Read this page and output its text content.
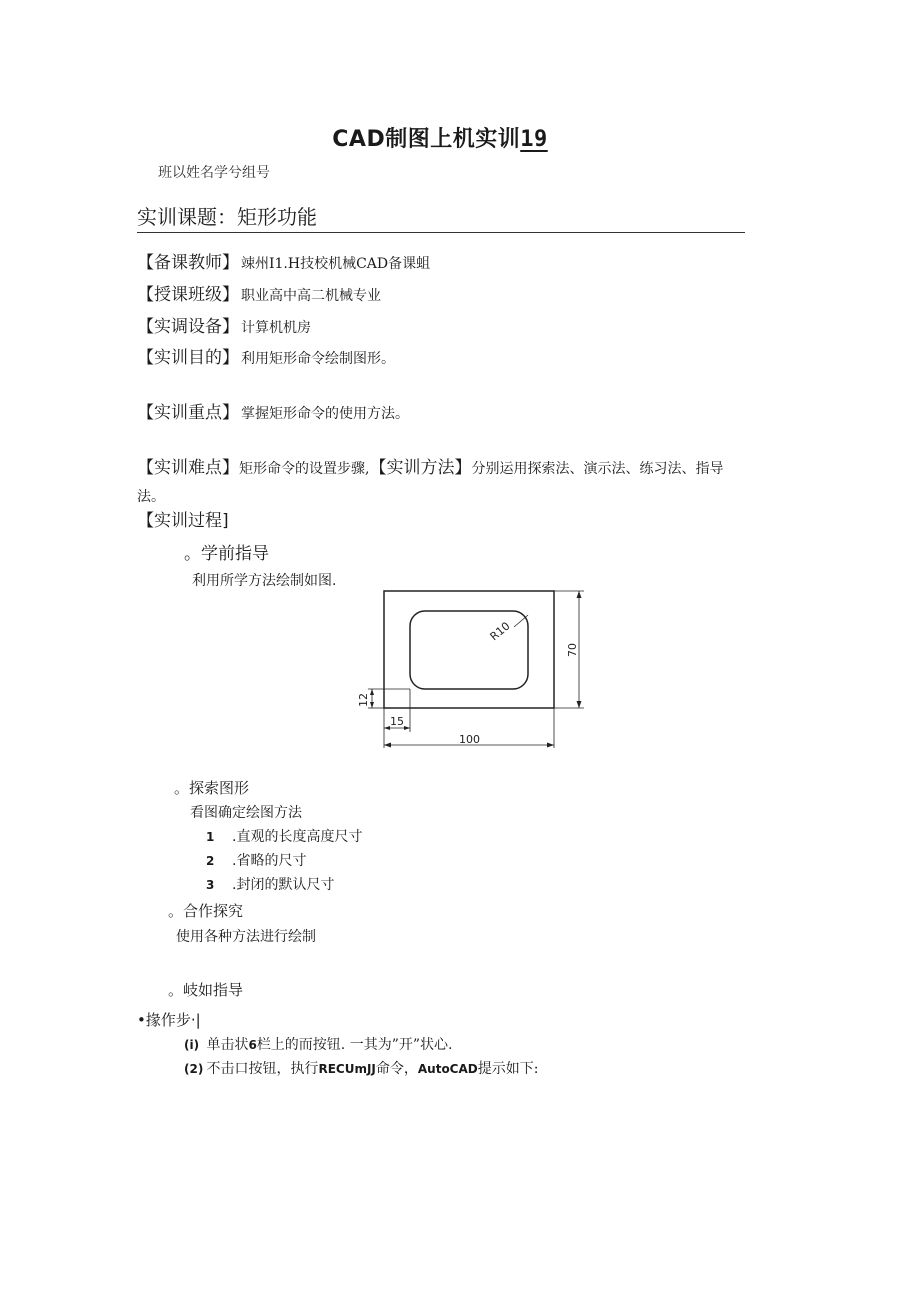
CAD制图上机实训19
班以姓名学兮组号
实训课题：矩形功能
【备课教师】 竦州I1.H技校机械CAD备课蛆
【授课班级】 职业高中高二机械专业
【实调设备】 计算机机房
【实训目的】 利用矩形命令绘制图形。
【实训重点】 掌握矩形命令的使用方法。
【实训难点】矩形命令的设置步骤,【实训方法】分别运用探索法、演示法、练习法、指导法。
【实训过程]
。学前指导
利用所学方法绘制如图.
100
70
R10
15
12
。探索图形
看图确定绘图方法
1 .直观的长度高度尺寸
2 .省略的尺寸
3 .封闭的默认尺寸
。合作探究
使用各种方法进行绘制
。岐如指导
•掾作步·|
(i) 单击状6栏上的而按钮. 一其为”开”状心.
(2) 不击口按钮，执行RECUmJJ命令，AutoCAD提示如下:
